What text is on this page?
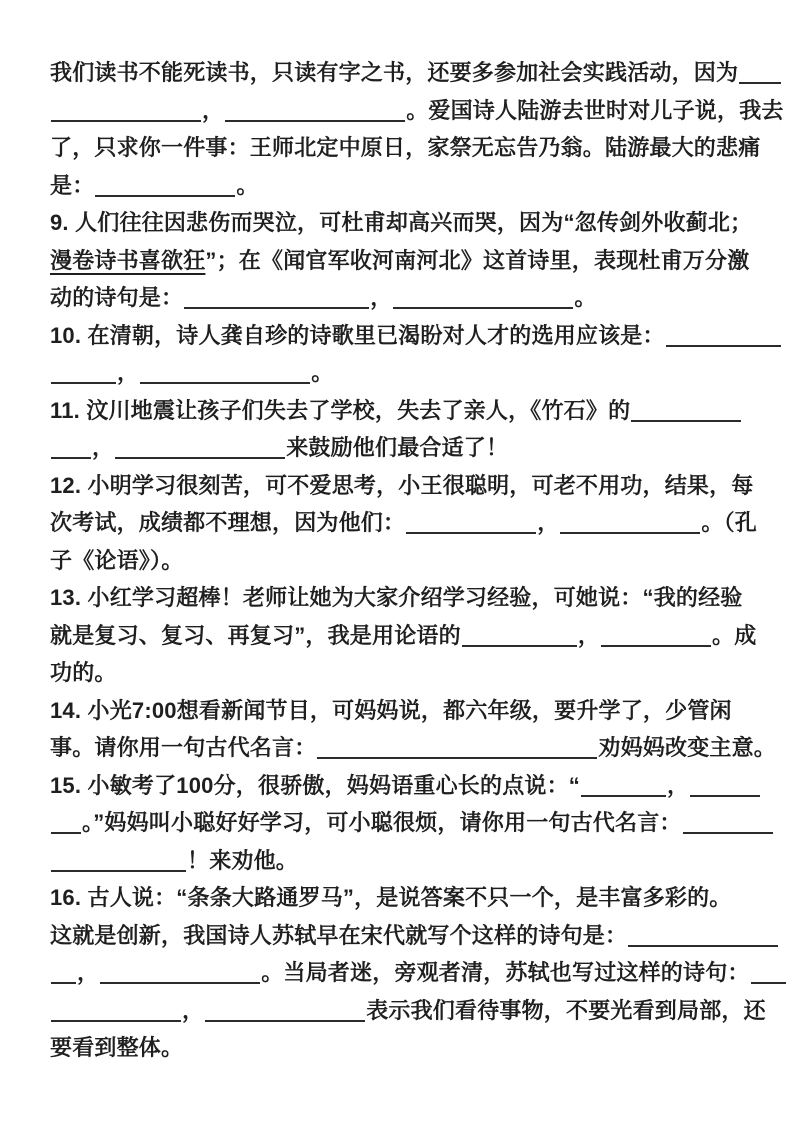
我们读书不能死读书，只读有字之书，还要多参加社会实践活动，因为
，	。爱国诗人陆游去世时对儿子说，我去
了，只求你一件事：王师北定中原日，家祭无忘告乃翁。陆游最大的悲痛
是：	。
9. 人们往往因悲伤而哭泣，可杜甫却高兴而哭，因为“忽传剑外收蓟北；
漫卷诗书喜欲狂”；在《闻官军收河南河北》这首诗里，表现杜甫万分激
动的诗句是：	，	。
10. 在清朝，诗人龚自珍的诗歌里已渴盼对人才的选用应该是：
，	。
11. 汶川地震让孩子们失去了学校，失去了亲人，《竹石》的
，	来鼓励他们最合适了！
12. 小明学习很刻苦，可不爱思考，小王很聪明，可老不用功，结果，每
次考试，成绩都不理想，因为他们：	，	。（孔
子《论语》）。
13. 小红学习超棒！老师让她为大家介绍学习经验，可她说：“我的经验
就是复习、复习、再复习”，我是用论语的	，	。成
功的。
14. 小光7:00想看新闻节目，可妈妈说，都六年级，要升学了，少管闲
事。请你用一句古代名言：	劝妈妈改变主意。
15. 小敏考了100分，很骄傲，妈妈语重心长的点说：“	，
。”妈妈叫小聪好好学习，可小聪很烦，请你用一句古代名言：
！来劝他。
16. 古人说：“条条大路通罗马”，是说答案不只一个，是丰富多彩的。
这就是创新，我国诗人苏轼早在宋代就写个这样的诗句是：
，	。当局者迷，旁观者清，苏轼也写过这样的诗句：
，	表示我们看待事物，不要光看到局部，还
要看到整体。
